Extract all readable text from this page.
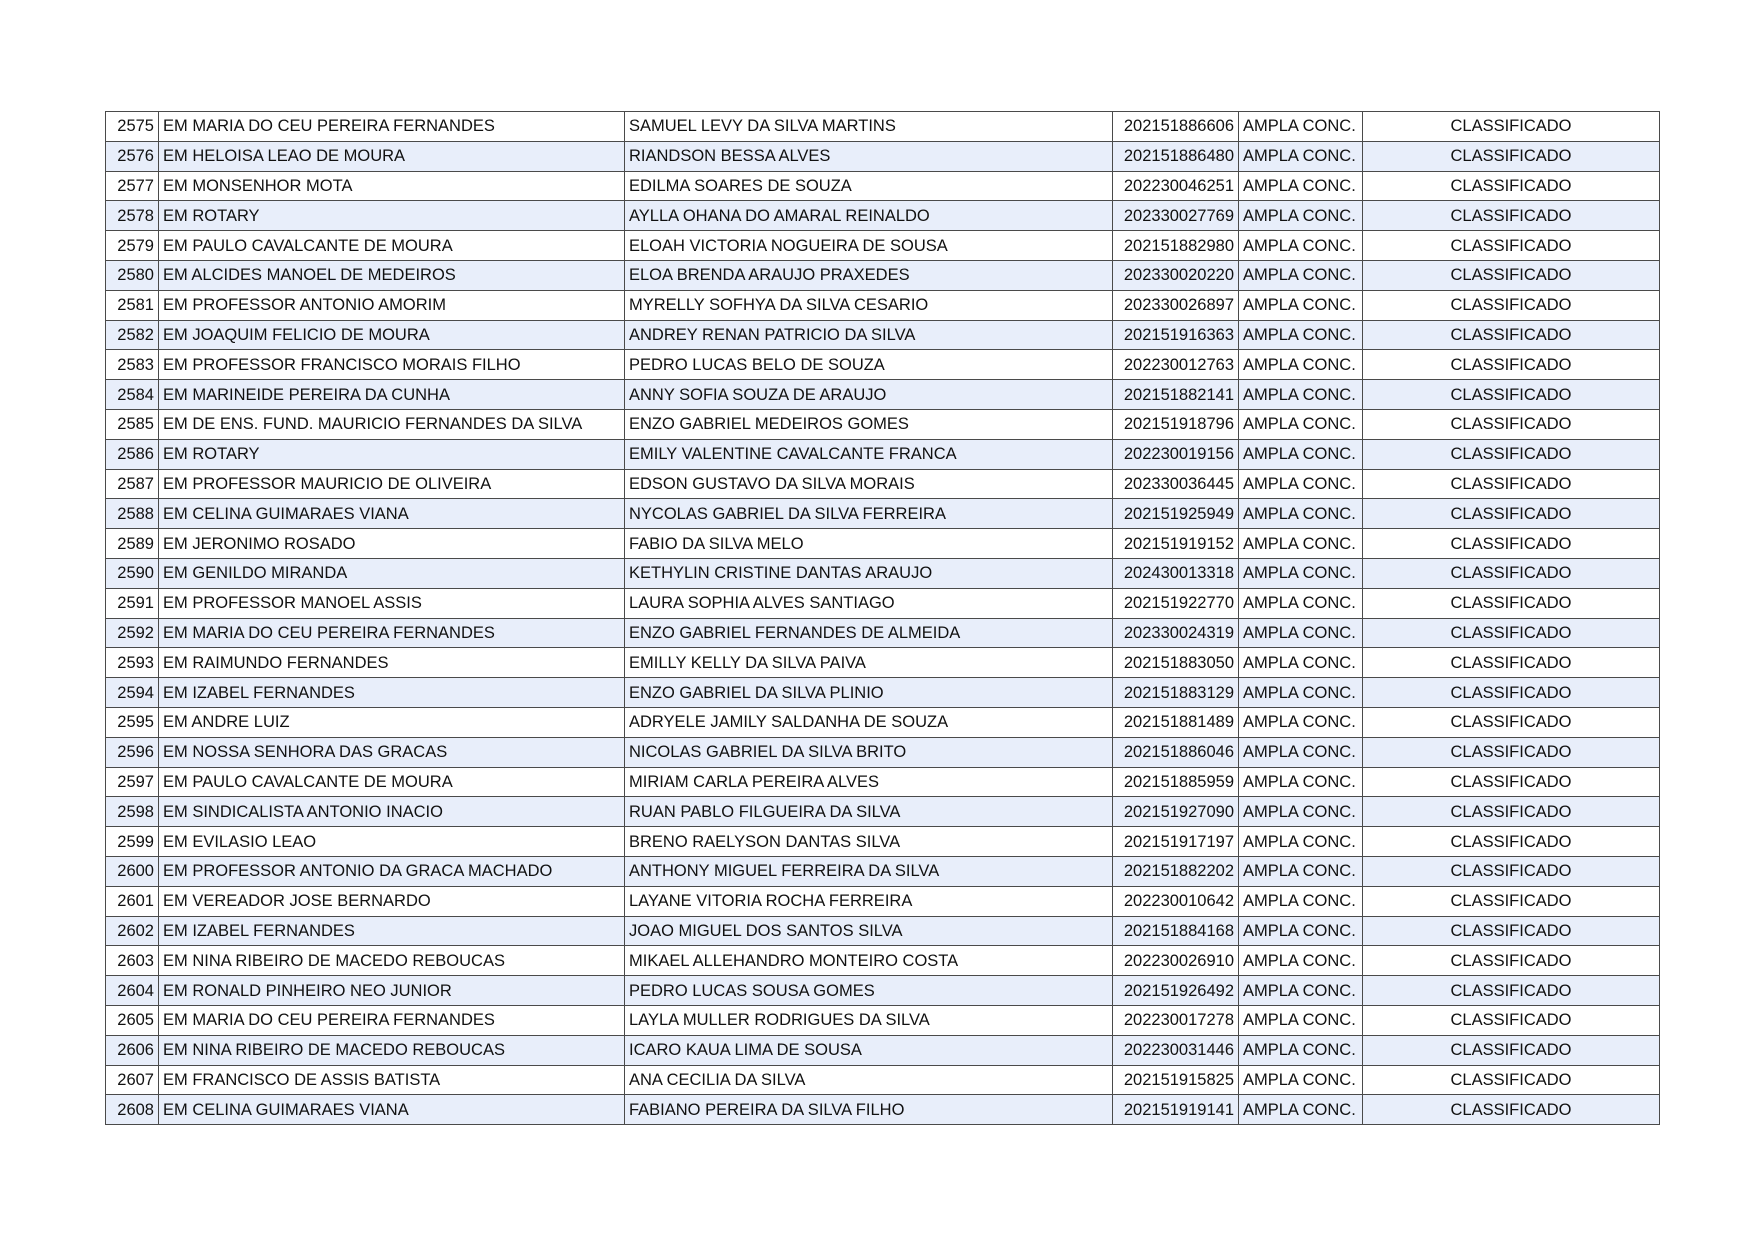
2575	EM MARIA DO CEU PEREIRA FERNANDES	SAMUEL LEVY DA SILVA MARTINS	202151886606	AMPLA CONC.	CLASSIFICADO
2576	EM HELOISA LEAO DE MOURA	RIANDSON BESSA ALVES	202151886480	AMPLA CONC.	CLASSIFICADO
2577	EM MONSENHOR MOTA	EDILMA SOARES DE SOUZA	202230046251	AMPLA CONC.	CLASSIFICADO
2578	EM ROTARY	AYLLA OHANA DO AMARAL REINALDO	202330027769	AMPLA CONC.	CLASSIFICADO
2579	EM PAULO CAVALCANTE DE MOURA	ELOAH VICTORIA NOGUEIRA DE SOUSA	202151882980	AMPLA CONC.	CLASSIFICADO
2580	EM ALCIDES MANOEL DE MEDEIROS	ELOA BRENDA ARAUJO PRAXEDES	202330020220	AMPLA CONC.	CLASSIFICADO
2581	EM PROFESSOR ANTONIO AMORIM	MYRELLY SOFHYA DA SILVA CESARIO	202330026897	AMPLA CONC.	CLASSIFICADO
2582	EM JOAQUIM FELICIO DE MOURA	ANDREY RENAN PATRICIO DA SILVA	202151916363	AMPLA CONC.	CLASSIFICADO
2583	EM PROFESSOR FRANCISCO MORAIS FILHO	PEDRO LUCAS BELO DE SOUZA	202230012763	AMPLA CONC.	CLASSIFICADO
2584	EM MARINEIDE PEREIRA DA CUNHA	ANNY SOFIA SOUZA DE ARAUJO	202151882141	AMPLA CONC.	CLASSIFICADO
2585	EM DE ENS. FUND. MAURICIO FERNANDES DA SILVA	ENZO GABRIEL MEDEIROS GOMES	202151918796	AMPLA CONC.	CLASSIFICADO
2586	EM ROTARY	EMILY VALENTINE CAVALCANTE FRANCA	202230019156	AMPLA CONC.	CLASSIFICADO
2587	EM PROFESSOR MAURICIO DE OLIVEIRA	EDSON GUSTAVO DA SILVA MORAIS	202330036445	AMPLA CONC.	CLASSIFICADO
2588	EM CELINA GUIMARAES VIANA	NYCOLAS GABRIEL DA SILVA FERREIRA	202151925949	AMPLA CONC.	CLASSIFICADO
2589	EM JERONIMO ROSADO	FABIO DA SILVA MELO	202151919152	AMPLA CONC.	CLASSIFICADO
2590	EM GENILDO MIRANDA	KETHYLIN CRISTINE DANTAS ARAUJO	202430013318	AMPLA CONC.	CLASSIFICADO
2591	EM PROFESSOR MANOEL ASSIS	LAURA SOPHIA ALVES SANTIAGO	202151922770	AMPLA CONC.	CLASSIFICADO
2592	EM MARIA DO CEU PEREIRA FERNANDES	ENZO GABRIEL FERNANDES DE ALMEIDA	202330024319	AMPLA CONC.	CLASSIFICADO
2593	EM RAIMUNDO FERNANDES	EMILLY KELLY DA SILVA PAIVA	202151883050	AMPLA CONC.	CLASSIFICADO
2594	EM IZABEL FERNANDES	ENZO GABRIEL DA SILVA PLINIO	202151883129	AMPLA CONC.	CLASSIFICADO
2595	EM ANDRE LUIZ	ADRYELE JAMILY SALDANHA DE SOUZA	202151881489	AMPLA CONC.	CLASSIFICADO
2596	EM NOSSA SENHORA DAS GRACAS	NICOLAS GABRIEL DA SILVA BRITO	202151886046	AMPLA CONC.	CLASSIFICADO
2597	EM PAULO CAVALCANTE DE MOURA	MIRIAM CARLA PEREIRA ALVES	202151885959	AMPLA CONC.	CLASSIFICADO
2598	EM SINDICALISTA ANTONIO INACIO	RUAN PABLO FILGUEIRA DA SILVA	202151927090	AMPLA CONC.	CLASSIFICADO
2599	EM EVILASIO LEAO	BRENO RAELYSON DANTAS SILVA	202151917197	AMPLA CONC.	CLASSIFICADO
2600	EM PROFESSOR ANTONIO DA GRACA MACHADO	ANTHONY MIGUEL FERREIRA DA SILVA	202151882202	AMPLA CONC.	CLASSIFICADO
2601	EM VEREADOR JOSE BERNARDO	LAYANE VITORIA ROCHA FERREIRA	202230010642	AMPLA CONC.	CLASSIFICADO
2602	EM IZABEL FERNANDES	JOAO MIGUEL DOS SANTOS SILVA	202151884168	AMPLA CONC.	CLASSIFICADO
2603	EM NINA RIBEIRO DE MACEDO REBOUCAS	MIKAEL ALLEHANDRO MONTEIRO COSTA	202230026910	AMPLA CONC.	CLASSIFICADO
2604	EM RONALD PINHEIRO NEO JUNIOR	PEDRO LUCAS SOUSA GOMES	202151926492	AMPLA CONC.	CLASSIFICADO
2605	EM MARIA DO CEU PEREIRA FERNANDES	LAYLA MULLER RODRIGUES DA SILVA	202230017278	AMPLA CONC.	CLASSIFICADO
2606	EM NINA RIBEIRO DE MACEDO REBOUCAS	ICARO KAUA LIMA DE SOUSA	202230031446	AMPLA CONC.	CLASSIFICADO
2607	EM FRANCISCO DE ASSIS BATISTA	ANA CECILIA DA SILVA	202151915825	AMPLA CONC.	CLASSIFICADO
2608	EM CELINA GUIMARAES VIANA	FABIANO PEREIRA DA SILVA FILHO	202151919141	AMPLA CONC.	CLASSIFICADO
